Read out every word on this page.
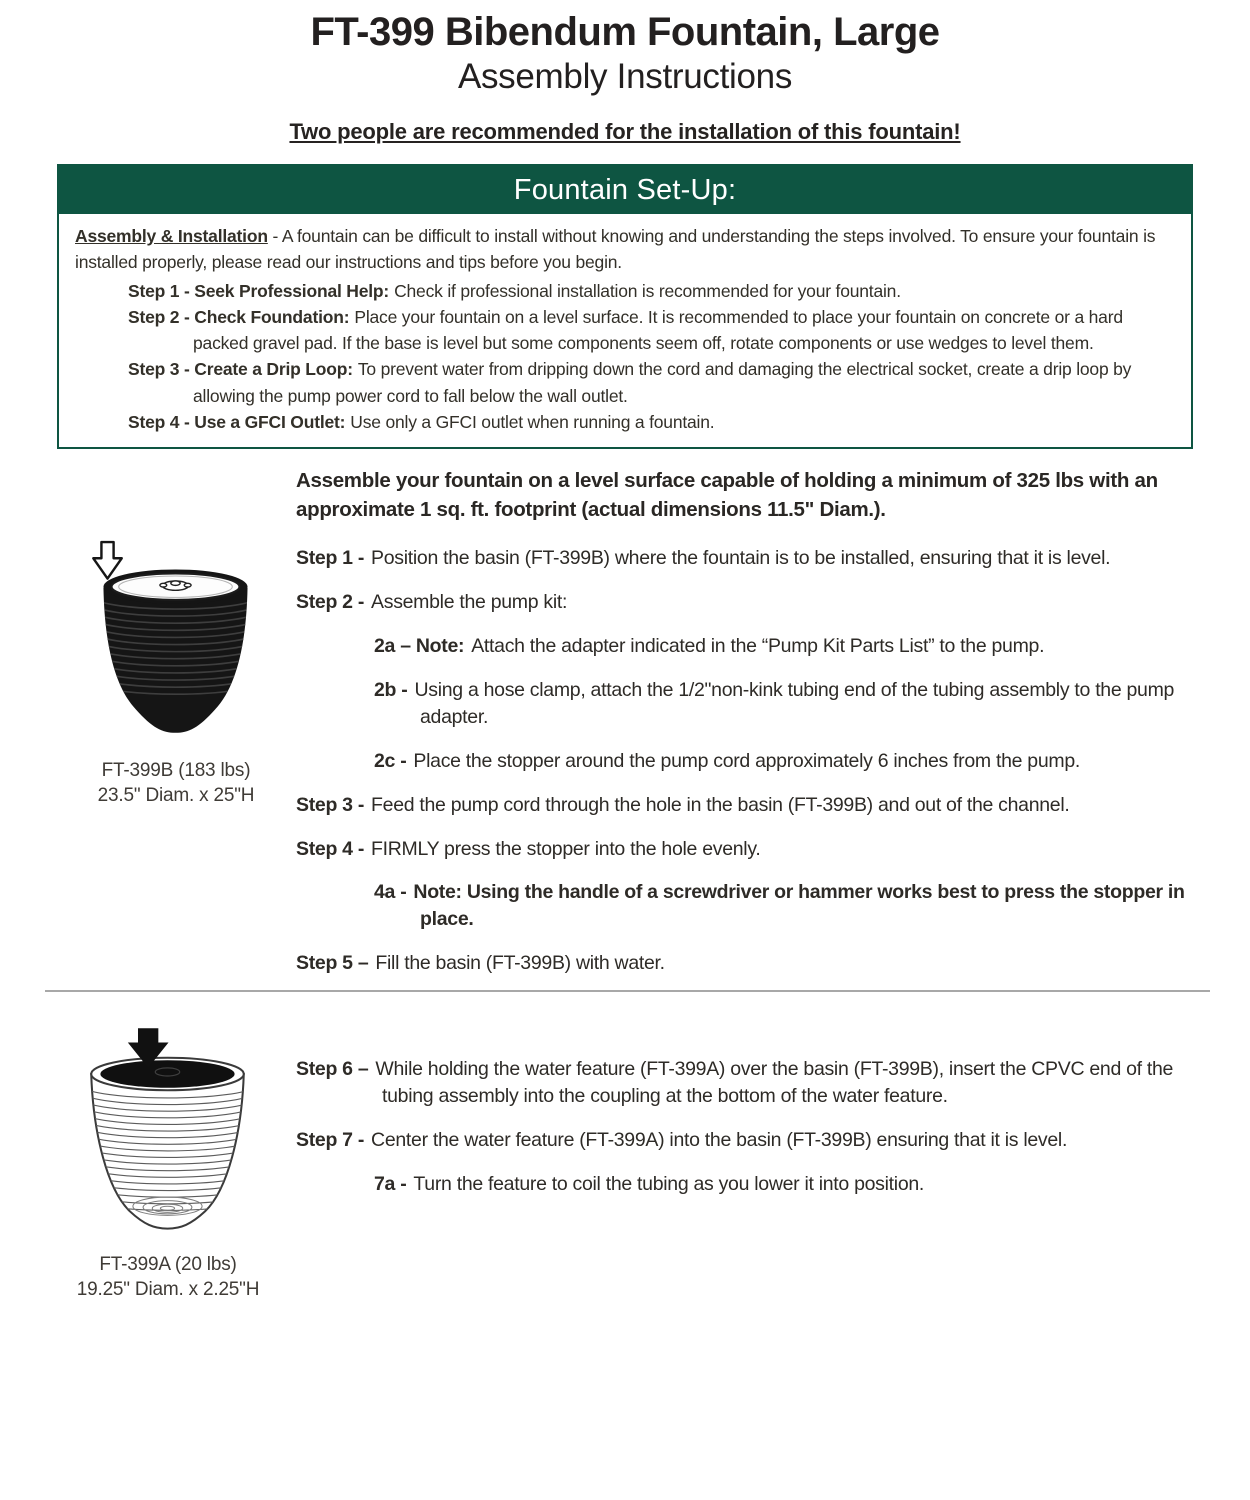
FT-399 Bibendum Fountain, Large
Assembly Instructions
Two people are recommended for the installation of this fountain!
Fountain Set-Up:

Assembly & Installation - A fountain can be difficult to install without knowing and understanding the steps involved. To ensure your fountain is installed properly, please read our instructions and tips before you begin.

Step 1 - Seek Professional Help: Check if professional installation is recommended for your fountain.

Step 2 - Check Foundation: Place your fountain on a level surface. It is recommended to place your fountain on concrete or a hard packed gravel pad. If the base is level but some components seem off, rotate components or use wedges to level them.

Step 3 - Create a Drip Loop: To prevent water from dripping down the cord and damaging the electrical socket, create a drip loop by allowing the pump power cord to fall below the wall outlet.

Step 4 - Use a GFCI Outlet: Use only a GFCI outlet when running a fountain.

FT-399B (183 lbs)
23.5" Diam. x 25"H

Assemble your fountain on a level surface capable of holding a minimum of 325 lbs with an approximate 1 sq. ft. footprint (actual dimensions 11.5" Diam.).

Step 1 - Position the basin (FT-399B) where the fountain is to be installed, ensuring that it is level.

Step 2 - Assemble the pump kit:

2a – Note: Attach the adapter indicated in the “Pump Kit Parts List” to the pump.

2b - Using a hose clamp, attach the 1/2"non-kink tubing end of the tubing assembly to the pump adapter.

2c - Place the stopper around the pump cord approximately 6 inches from the pump.

Step 3 - Feed the pump cord through the hole in the basin (FT-399B) and out of the channel.

Step 4 - FIRMLY press the stopper into the hole evenly.

4a - Note: Using the handle of a screwdriver or hammer works best to press the stopper in place.

Step 5 – Fill the basin (FT-399B) with water.

FT-399A (20 lbs)
19.25" Diam. x 2.25"H

Step 6 – While holding the water feature (FT-399A) over the basin (FT-399B), insert the CPVC end of the tubing assembly into the coupling at the bottom of the water feature.

Step 7 - Center the water feature (FT-399A) into the basin (FT-399B) ensuring that it is level.

7a - Turn the feature to coil the tubing as you lower it into position.
